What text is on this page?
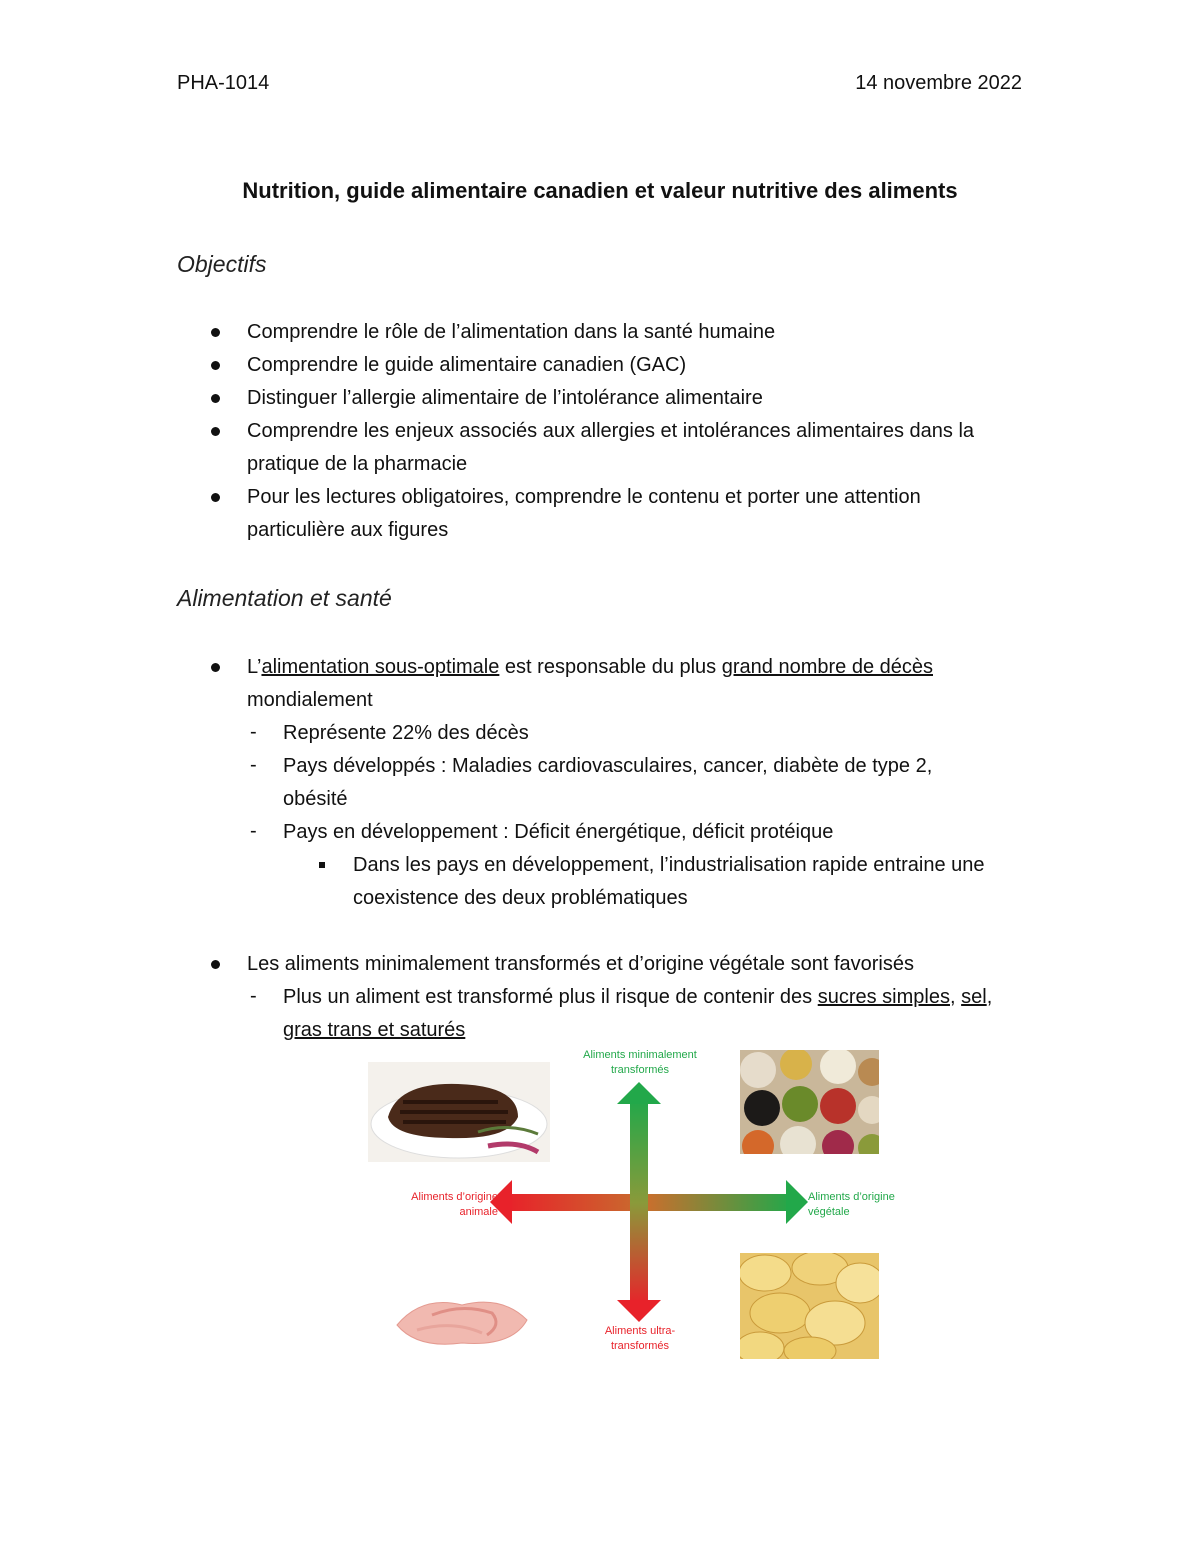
PHA-1014	14 novembre 2022
Nutrition, guide alimentaire canadien et valeur nutritive des aliments
Objectifs
Comprendre le rôle de l’alimentation dans la santé humaine
Comprendre le guide alimentaire canadien (GAC)
Distinguer l’allergie alimentaire de l’intolérance alimentaire
Comprendre les enjeux associés aux allergies et intolérances alimentaires dans la pratique de la pharmacie
Pour les lectures obligatoires, comprendre le contenu et porter une attention particulière aux figures
Alimentation et santé
L’alimentation sous-optimale est responsable du plus grand nombre de décès mondialement
- Représente 22% des décès
- Pays développés : Maladies cardiovasculaires, cancer, diabète de type 2, obésité
- Pays en développement : Déficit énergétique, déficit protéique
Dans les pays en développement, l’industrialisation rapide entraine une coexistence des deux problématiques
Les aliments minimalement transformés et d’origine végétale sont favorisés
- Plus un aliment est transformé plus il risque de contenir des sucres simples, sel, gras trans et saturés
Aliments minimalement transformés
Aliments ultra-transformés
Aliments d’origine animale
Aliments d’origine végétale
